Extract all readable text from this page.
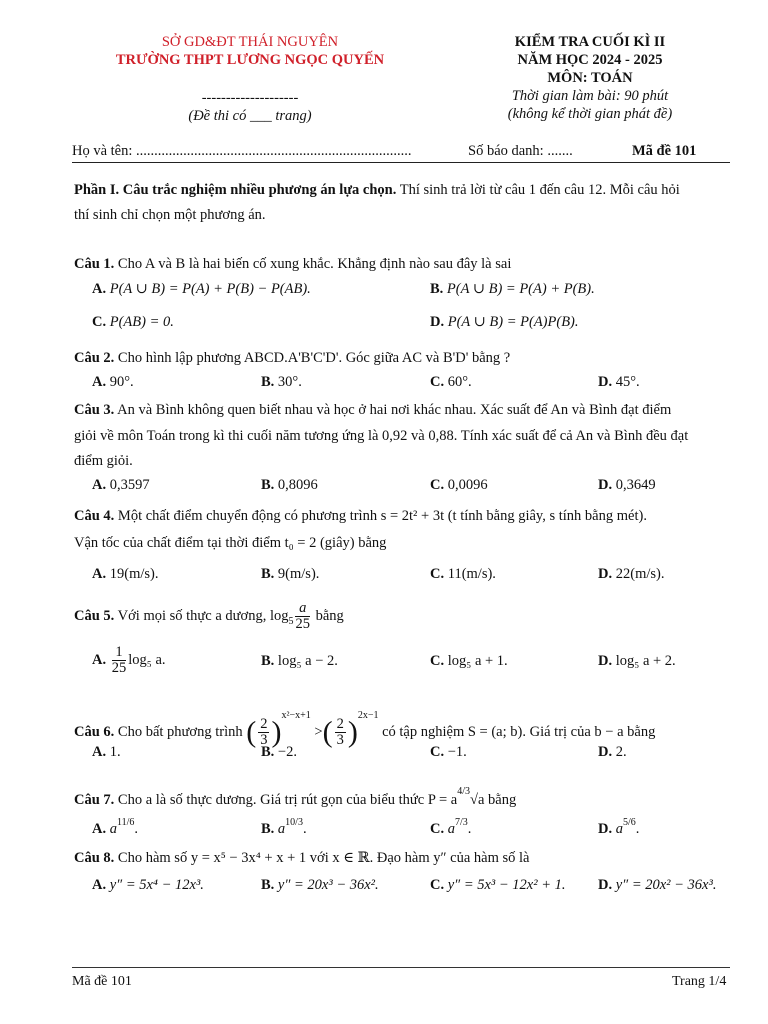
SỞ GD&ĐT THÁI NGUYÊN
TRƯỜNG THPT LƯƠNG NGỌC QUYẾN
--------------------
(Đề thi có ___ trang)
KIỂM TRA CUỐI KÌ II
NĂM HỌC 2024 - 2025
MÔN: TOÁN
Thời gian làm bài: 90 phút
(không kể thời gian phát đề)
Họ và tên: ............................................................................	Số báo danh: .......	Mã đề 101
Phần I. Câu trắc nghiệm nhiều phương án lựa chọn. Thí sinh trả lời từ câu 1 đến câu 12. Mỗi câu hỏi
thí sinh chỉ chọn một phương án.
Câu 1. Cho A và B là hai biến cố xung khắc. Khẳng định nào sau đây là sai
A. P(A ∪ B) = P(A) + P(B) − P(AB).	B. P(A ∪ B) = P(A) + P(B).
C. P(AB) = 0.	D. P(A ∪ B) = P(A)P(B).
Câu 2. Cho hình lập phương ABCD.A'B'C'D'. Góc giữa AC và B'D' bằng ?
A. 90°.	B. 30°.	C. 60°.	D. 45°.
Câu 3. An và Bình không quen biết nhau và học ở hai nơi khác nhau. Xác suất để An và Bình đạt điểm
giỏi về môn Toán trong kì thi cuối năm tương ứng là 0,92 và 0,88. Tính xác suất để cả An và Bình đều đạt
điểm giỏi.
A. 0,3597	B. 0,8096	C. 0,0096	D. 0,3649
Câu 4. Một chất điểm chuyển động có phương trình s = 2t² + 3t (t tính bằng giây, s tính bằng mét).
Vận tốc của chất điểm tại thời điểm t₀ = 2 (giây) bằng
A. 19(m/s).	B. 9(m/s).	C. 11(m/s).	D. 22(m/s).
Câu 5. Với mọi số thực a dương, $\log_5 \frac{a}{25}$ bằng
A. $\frac{1}{25} \log_5$ a.	B. log₅ a − 2.	C. log₅ a + 1.	D. log₅ a + 2.
Câu 6. Cho bất phương trình ( $\frac{2}{3} )^{x^2-x+1}$ >( $\frac{2}{3} )^{2x-1}$ có tập nghiệm S = (a; b). Giá trị của b − a bằng
A. 1.	B. −2.	C. −1.	D. 2.
Câu 7. Cho a là số thực dương. Giá trị rút gọn của biểu thức $P = a^{4/3}√a$ bằng
A. $a^{11/6}$.	B. $a^{10/3}$.	C. $a^{7/3}$.	D. $a^{5/6}$.
Câu 8. Cho hàm số y = x⁵ − 3x⁴ + x + 1 với x ∈ ℝ. Đạo hàm y″ của hàm số là
A. y″ = 5x⁴ − 12x³.	B. y″ = 20x³ − 36x².	C. y″ = 5x³ − 12x² + 1. D. y″ = 20x² − 36x³.
Mã đề 101	Trang 1/4
